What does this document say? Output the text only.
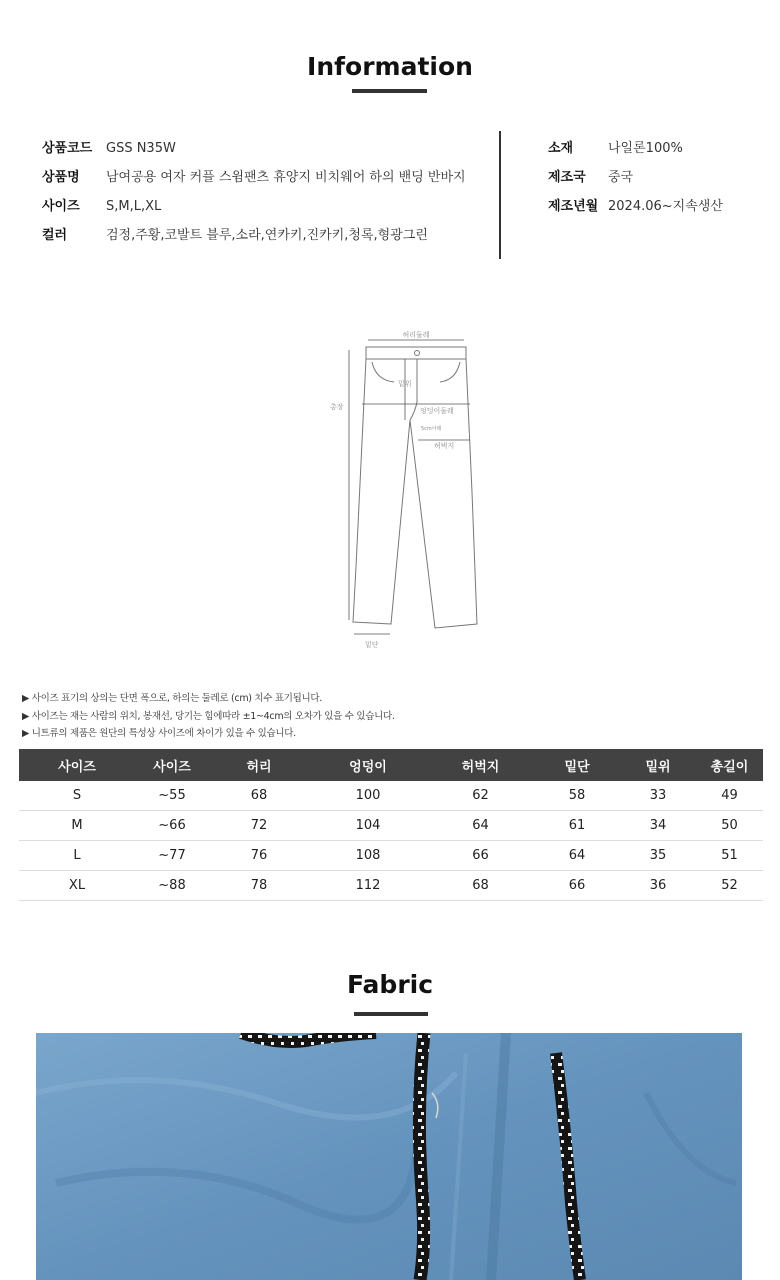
Information
상품코드 GSS N35W
상품명 남여공용 여자 커플 스윔팬츠 휴양지 비치웨어 하의 밴딩 반바지
사이즈 S,M,L,XL
컬러	검정,주황,코발트 블루,소라,연카키,진카키,청록,형광그린
소재	나일론100%
제조국 중국
제조년월 2024.06~지속생산
허리둘레
총장
밑위
엉덩이둘레
5cm아래
허벅지
밑단
▶ 사이즈 표기의 상의는 단면 폭으로, 하의는 둘레로 (cm) 치수 표기됩니다.
▶ 사이즈는 재는 사람의 위치, 봉재선, 당기는 힘에따라 ±1~4cm의 오차가 있을 수 있습니다.
▶ 니트류의 제품은 원단의 특성상 사이즈에 차이가 있을 수 있습니다.
사이즈	사이즈	허리	엉덩이	허벅지	밑단	밑위	총길이
S	~55	68	100	62	58	33	49
M	~66	72	104	64	61	34	50
L	~77	76	108	66	64	35	51
XL	~88	78	112	68	66	36	52
Fabric
